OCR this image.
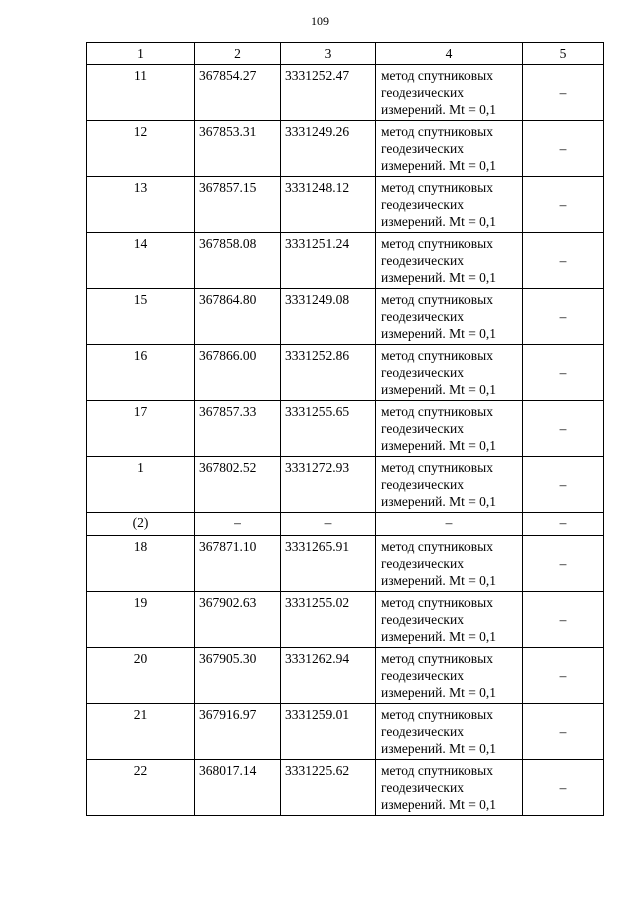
109
1	2	3	4	5
11	367854.27	3331252.47	метод спутниковых геодезических измерений. Mt = 0,1	–
12	367853.31	3331249.26	метод спутниковых геодезических измерений. Mt = 0,1	–
13	367857.15	3331248.12	метод спутниковых геодезических измерений. Mt = 0,1	–
14	367858.08	3331251.24	метод спутниковых геодезических измерений. Mt = 0,1	–
15	367864.80	3331249.08	метод спутниковых геодезических измерений. Mt = 0,1	–
16	367866.00	3331252.86	метод спутниковых геодезических измерений. Mt = 0,1	–
17	367857.33	3331255.65	метод спутниковых геодезических измерений. Mt = 0,1	–
1	367802.52	3331272.93	метод спутниковых геодезических измерений. Mt = 0,1	–
(2)	–	–	–	–
18	367871.10	3331265.91	метод спутниковых геодезических измерений. Mt = 0,1	–
19	367902.63	3331255.02	метод спутниковых геодезических измерений. Mt = 0,1	–
20	367905.30	3331262.94	метод спутниковых геодезических измерений. Mt = 0,1	–
21	367916.97	3331259.01	метод спутниковых геодезических измерений. Mt = 0,1	–
22	368017.14	3331225.62	метод спутниковых геодезических измерений. Mt = 0,1	–
